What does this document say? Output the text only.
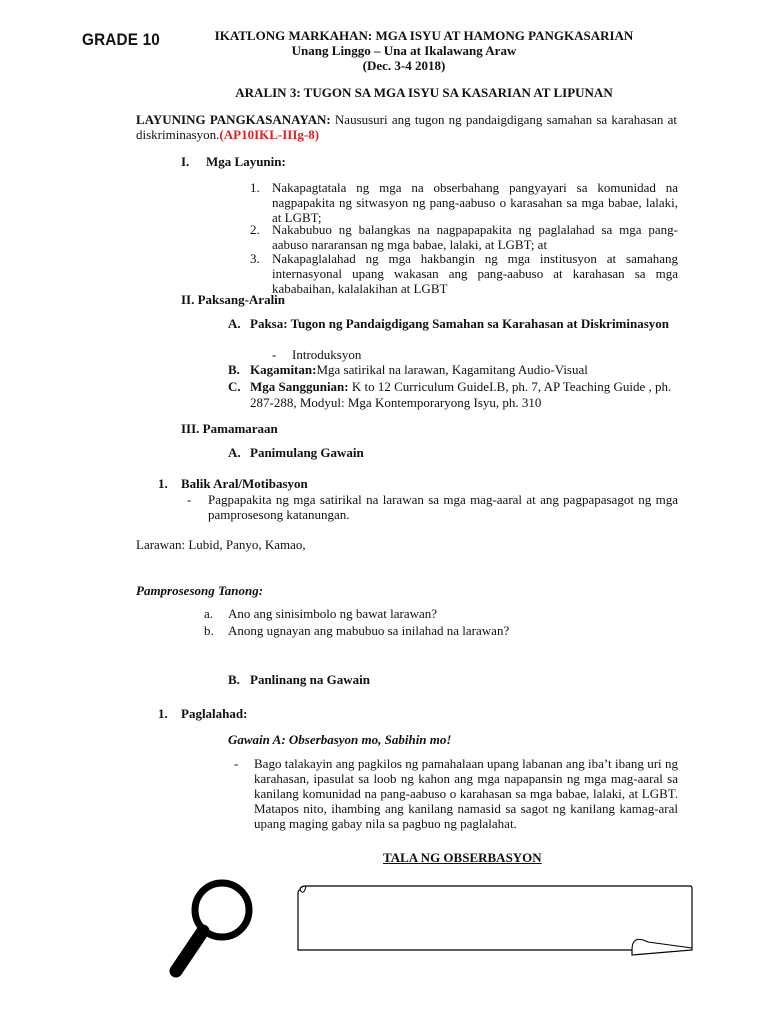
GRADE 10	IKATLONG MARKAHAN: MGA ISYU AT HAMONG PANGKASARIAN
Unang Linggo – Una at Ikalawang Araw
(Dec. 3-4 2018)
ARALIN 3: TUGON SA MGA ISYU SA KASARIAN AT LIPUNAN
LAYUNING PANGKASANAYAN: Naususuri ang tugon ng pandaigdigang samahan sa karahasan at diskriminasyon.(AP10IKL-IIIg-8)
I. Mga Layunin:
1. Nakapagtatala ng mga na obserbahang pangyayari sa komunidad na nagpapakita ng sitwasyon ng pang-aabuso o karasahan sa mga babae, lalaki, at LGBT;
2. Nakabubuo ng balangkas na nagpapapakita ng paglalahad sa mga pang-aabuso nararansan ng mga babae, lalaki, at LGBT; at
3. Nakapaglalahad ng mga hakbangin ng mga institusyon at samahang internasyonal upang wakasan ang pang-aabuso at karahasan sa mga kababaihan, kalalakihan at LGBT
II. Paksang-Aralin
A. Paksa: Tugon ng Pandaigdigang Samahan sa Karahasan at Diskriminasyon
- Introduksyon
B. Kagamitan:Mga satirikal na larawan, Kagamitang Audio-Visual
C. Mga Sanggunian: K to 12 Curriculum GuideI.B, ph. 7, AP Teaching Guide , ph. 287-288, Modyul: Mga Kontemporaryong Isyu, ph. 310
III. Pamamaraan
A. Panimulang Gawain
1. Balik Aral/Motibasyon
- Pagpapakita ng mga satirikal na larawan sa mga mag-aaral at ang pagpapasagot ng mga pamprosesong katanungan.
Larawan: Lubid, Panyo, Kamao,
Pamprosesong Tanong:
a. Ano ang sinisimbolo ng bawat larawan?
b. Anong ugnayan ang mabubuo sa inilahad na larawan?
B. Panlinang na Gawain
1. Paglalahad:
Gawain A: Obserbasyon mo, Sabihin mo!
- Bago talakayin ang pagkilos ng pamahalaan upang labanan ang iba’t ibang uri ng karahasan, ipasulat sa loob ng kahon ang mga napapansin ng mga mag-aaral sa kanilang komunidad na pang-aabuso o karahasan sa mga babae, lalaki, at LGBT. Matapos nito, ihambing ang kanilang namasid sa sagot ng kanilang kamag-aral upang maging gabay nila sa pagbuo ng paglalahat.
TALA NG OBSERBASYON
